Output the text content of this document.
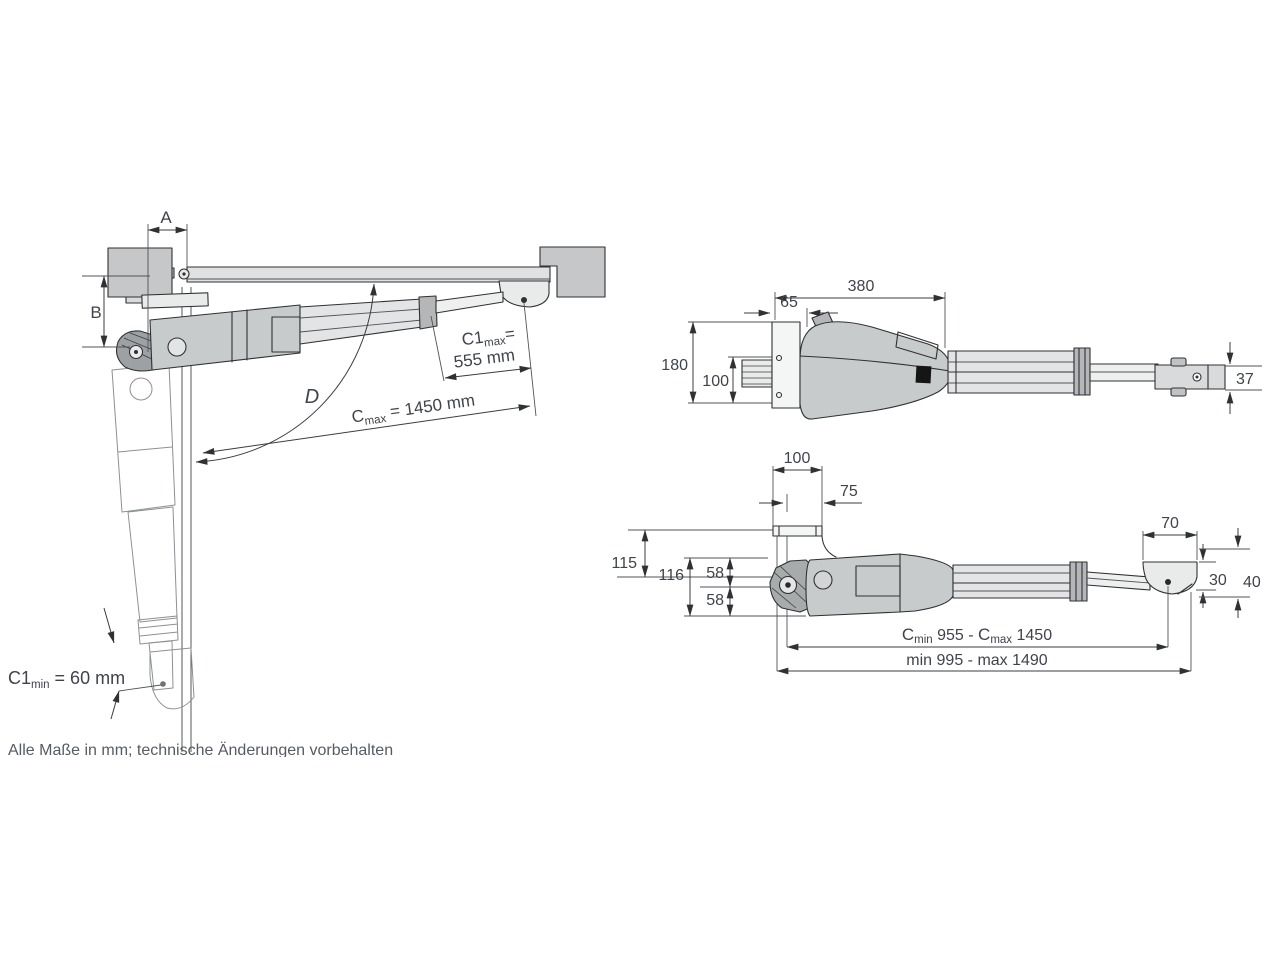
D
A
B
$C1_{max}=$
555 mm
$C_{max} = 1450$ mm
$C1_{min} = 60$ mm
380
65
180
100	37
100
75
115
116 58
58
70
30 40
Cmin 955 - Cmax 1450
min 995 - max 1490
Alle Maße in mm; technische Änderungen vorbehalten
